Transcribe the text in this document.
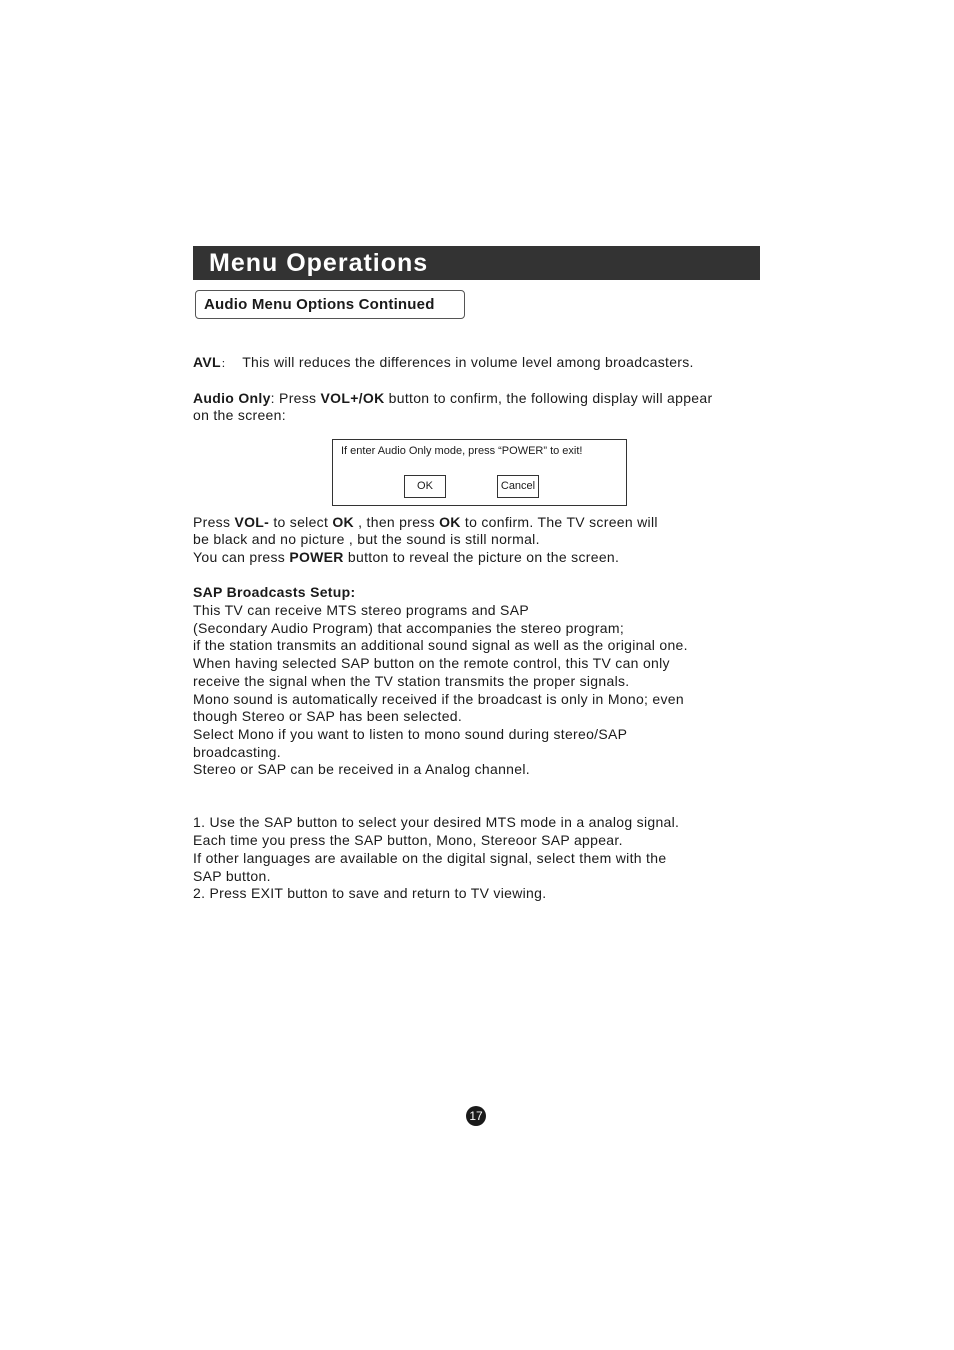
Menu Operations
Audio Menu Options Continued
AVL： This will reduces the differences in volume level among broadcasters.
Audio Only: Press VOL+/OK button to confirm, the following display will appear
on the screen:
If enter Audio Only mode, press “POWER” to exit!
OK	Cancel
Press VOL- to select OK , then press OK to confirm. The TV screen will
be black and no picture , but the sound is still normal.
You can press POWER button to reveal the picture on the screen.
SAP Broadcasts Setup:
This TV can receive MTS stereo programs and SAP
(Secondary Audio Program) that accompanies the stereo program;
if the station transmits an additional sound signal as well as the original one.
When having selected SAP button on the remote control, this TV can only
receive the signal when the TV station transmits the proper signals.
Mono sound is automatically received if the broadcast is only in Mono; even
though Stereo or SAP has been selected.
Select Mono if you want to listen to mono sound during stereo/SAP
broadcasting.
Stereo or SAP can be received in a Analog channel.
1. Use the SAP button to select your desired MTS mode in a analog signal.
Each time you press the SAP button, Mono, Stereoor SAP appear.
If other languages are available on the digital signal, select them with the
SAP button.
2. Press EXIT button to save and return to TV viewing.
17
